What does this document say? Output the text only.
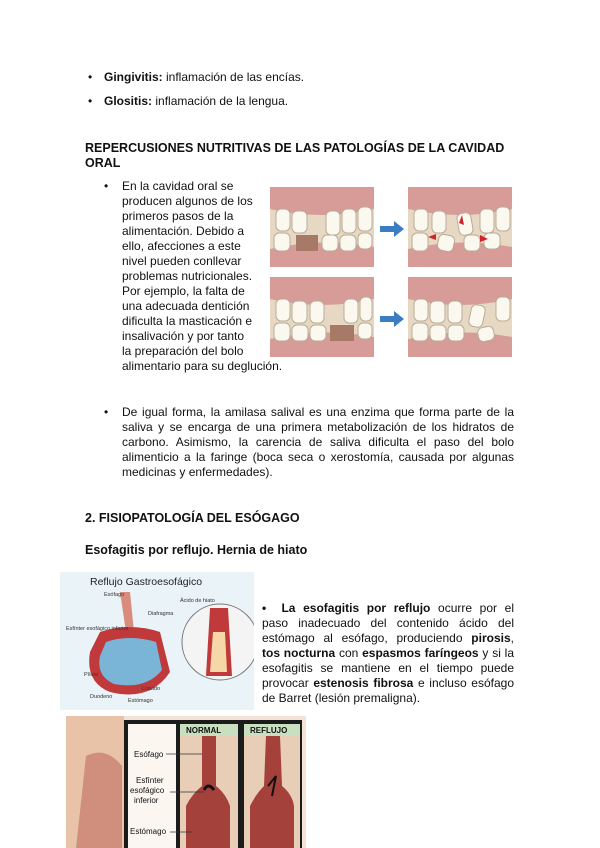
• Gingivitis: inflamación de las encías.
• Glositis: inflamación de la lengua.
REPERCUSIONES NUTRITIVAS DE LAS PATOLOGÍAS DE LA CAVIDAD
ORAL
• En la cavidad oral se
producen algunos de los
primeros pasos de la
alimentación. Debido a
ello, afecciones a este
nivel pueden conllevar
problemas nutricionales.
Por ejemplo, la falta de
una adecuada dentición
dificulta la masticación e
insalivación y por tanto
la preparación del bolo
alimentario para su deglución.
• De igual forma, la amilasa salival es una enzima que forma parte de la
saliva y se encarga de una primera metabolización de los hidratos de
carbono. Asimismo, la carencia de saliva dificulta el paso del bolo
alimenticio a la faringe (boca seca o xerostomía, causada por algunas
medicinas y enfermedades).
2. FISIOPATOLOGÍA DEL ESÓGAGO
Esofagitis por reflujo. Hernia de hiato
Reflujo Gastroesofágico
Esófago
Diafragma
Esfínter esofágico inferior
Píloro
Duodeno
Líquido
Ácido de hiato
Estómago
•  La esofagitis por reflujo ocurre por el
paso inadecuado del contenido ácido del
estómago al esófago, produciendo pirosis,
tos nocturna con espasmos faríngeos y si la
esofagitis se mantiene en el tiempo puede
provocar estenosis fibrosa e incluso esófago
de Barret (lesión premaligna).
NORMAL	REFLUJO
Esófago
Esfínter
esofágico
inferior
Estómago
